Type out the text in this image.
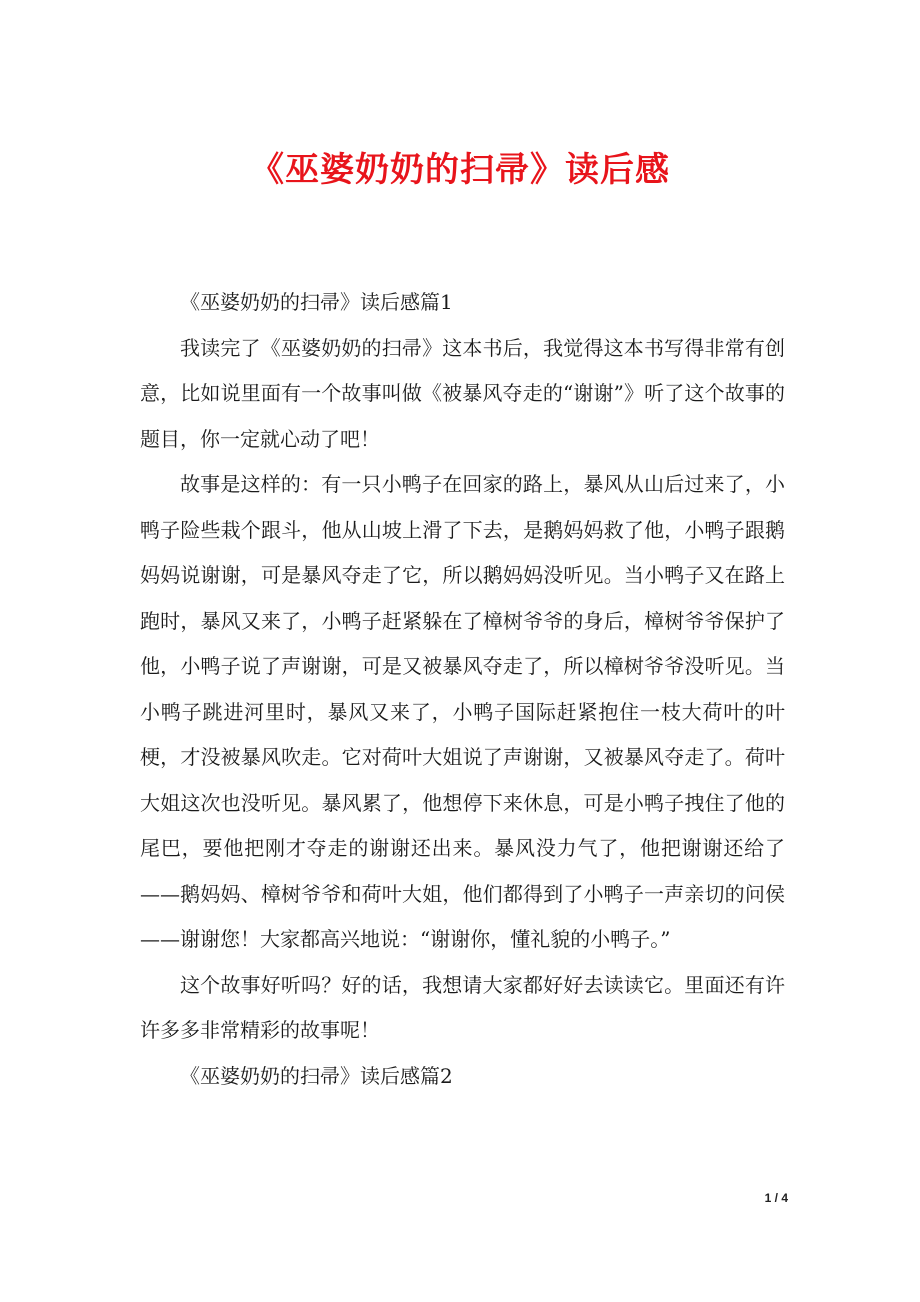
《巫婆奶奶的扫帚》读后感

《巫婆奶奶的扫帚》读后感篇1

我读完了《巫婆奶奶的扫帚》这本书后，我觉得这本书写得非常有创意，比如说里面有一个故事叫做《被暴风夺走的“谢谢”》听了这个故事的题目，你一定就心动了吧！

故事是这样的：有一只小鸭子在回家的路上，暴风从山后过来了，小鸭子险些栽个跟斗，他从山坡上滑了下去，是鹅妈妈救了他，小鸭子跟鹅妈妈说谢谢，可是暴风夺走了它，所以鹅妈妈没听见。当小鸭子又在路上跑时，暴风又来了，小鸭子赶紧躲在了樟树爷爷的身后，樟树爷爷保护了他，小鸭子说了声谢谢，可是又被暴风夺走了，所以樟树爷爷没听见。当小鸭子跳进河里时，暴风又来了，小鸭子国际赶紧抱住一枝大荷叶的叶梗，才没被暴风吹走。它对荷叶大姐说了声谢谢，又被暴风夺走了。荷叶大姐这次也没听见。暴风累了，他想停下来休息，可是小鸭子拽住了他的尾巴，要他把刚才夺走的谢谢还出来。暴风没力气了，他把谢谢还给了——鹅妈妈、樟树爷爷和荷叶大姐，他们都得到了小鸭子一声亲切的问侯——谢谢您！大家都高兴地说：“谢谢你，懂礼貌的小鸭子。”

这个故事好听吗？好的话，我想请大家都好好去读读它。里面还有许许多多非常精彩的故事呢！

《巫婆奶奶的扫帚》读后感篇2

1 / 4
